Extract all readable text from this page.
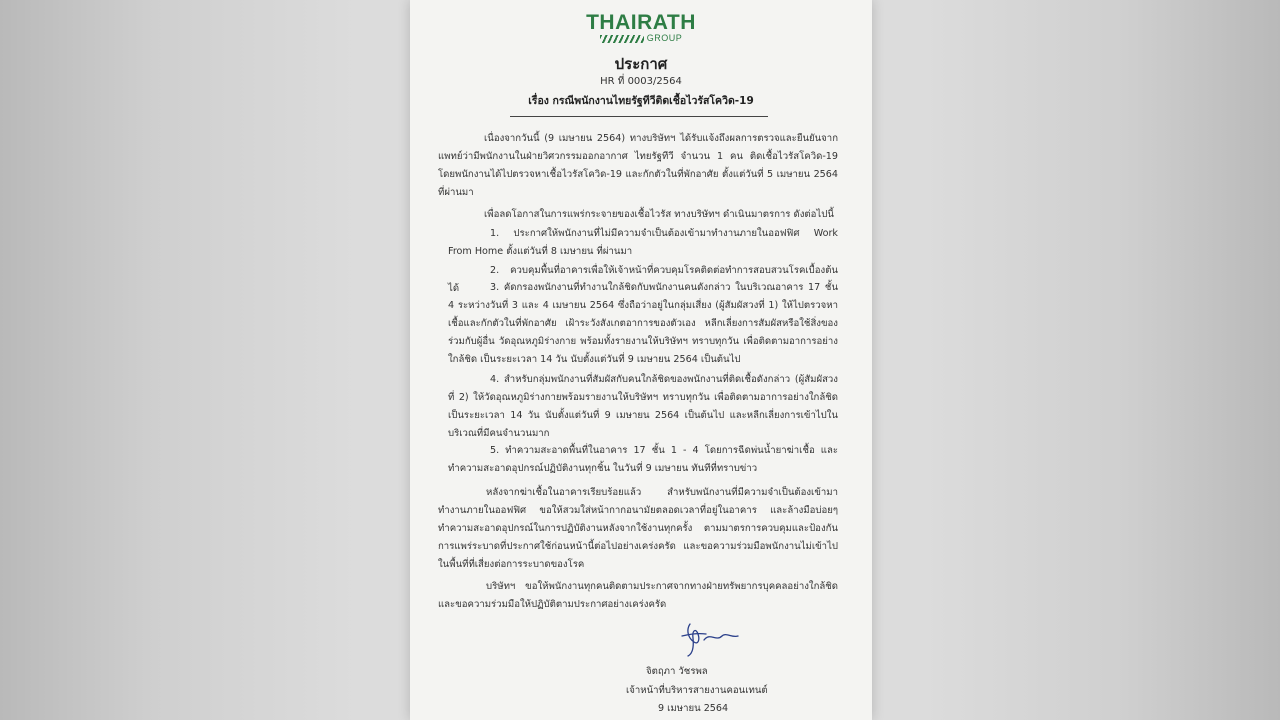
THAIRATH
GROUP
ประกาศ
HR ที่ 0003/2564
เรื่อง กรณีพนักงานไทยรัฐทีวีติดเชื้อไวรัสโควิด-19

เนื่องจากวันนี้ (9 เมษายน 2564) ทางบริษัทฯ ได้รับแจ้งถึงผลการตรวจและยืนยันจากแพทย์ว่ามีพนักงานในฝ่ายวิศวกรรมออกอากาศ ไทยรัฐทีวี จำนวน 1 คน ติดเชื้อไวรัสโควิด-19 โดยพนักงานได้ไปตรวจหาเชื้อไวรัสโควิด-19 และกักตัวในที่พักอาศัย ตั้งแต่วันที่ 5 เมษายน 2564 ที่ผ่านมา

เพื่อลดโอกาสในการแพร่กระจายของเชื้อไวรัส ทางบริษัทฯ ดำเนินมาตรการ ดังต่อไปนี้

1. ประกาศให้พนักงานที่ไม่มีความจำเป็นต้องเข้ามาทำงานภายในออฟฟิศ Work From Home ตั้งแต่วันที่ 8 เมษายน ที่ผ่านมา

2. ควบคุมพื้นที่อาคารเพื่อให้เจ้าหน้าที่ควบคุมโรคติดต่อทำการสอบสวนโรคเบื้องต้นได้	3. คัดกรองพนักงานที่ทำงานใกล้ชิดกับพนักงานคนดังกล่าว ในบริเวณอาคาร 17 ชั้น 4 ระหว่างวันที่ 3 และ 4 เมษายน 2564 ซึ่งถือว่าอยู่ในกลุ่มเสี่ยง (ผู้สัมผัสวงที่ 1) ให้ไปตรวจหาเชื้อและกักตัวในที่พักอาศัย เฝ้าระวังสังเกตอาการของตัวเอง หลีกเลี่ยงการสัมผัสหรือใช้สิ่งของร่วมกับผู้อื่น วัดอุณหภูมิร่างกาย พร้อมทั้งรายงานให้บริษัทฯ ทราบทุกวัน เพื่อติดตามอาการอย่างใกล้ชิด เป็นระยะเวลา 14 วัน นับตั้งแต่วันที่ 9 เมษายน 2564 เป็นต้นไป

4. สำหรับกลุ่มพนักงานที่สัมผัสกับคนใกล้ชิดของพนักงานที่ติดเชื้อดังกล่าว (ผู้สัมผัสวงที่ 2) ให้วัดอุณหภูมิร่างกายพร้อมรายงานให้บริษัทฯ ทราบทุกวัน เพื่อติดตามอาการอย่างใกล้ชิด เป็นระยะเวลา 14 วัน นับตั้งแต่วันที่ 9 เมษายน 2564 เป็นต้นไป และหลีกเลี่ยงการเข้าไปในบริเวณที่มีคนจำนวนมาก

5. ทำความสะอาดพื้นที่ในอาคาร 17 ชั้น 1 - 4 โดยการฉีดพ่นน้ำยาฆ่าเชื้อ และทำความสะอาดอุปกรณ์ปฏิบัติงานทุกชิ้น ในวันที่ 9 เมษายน ทันทีที่ทราบข่าว

หลังจากฆ่าเชื้อในอาคารเรียบร้อยแล้ว สำหรับพนักงานที่มีความจำเป็นต้องเข้ามาทำงานภายในออฟฟิศ ขอให้สวมใส่หน้ากากอนามัยตลอดเวลาที่อยู่ในอาคาร และล้างมือบ่อยๆ ทำความสะอาดอุปกรณ์ในการปฏิบัติงานหลังจากใช้งานทุกครั้ง ตามมาตรการควบคุมและป้องกันการแพร่ระบาดที่ประกาศใช้ก่อนหน้านี้ต่อไปอย่างเคร่งครัด และขอความร่วมมือพนักงานไม่เข้าไปในพื้นที่ที่เสี่ยงต่อการระบาดของโรค

บริษัทฯ ขอให้พนักงานทุกคนติดตามประกาศจากทางฝ่ายทรัพยากรบุคคลอย่างใกล้ชิด และขอความร่วมมือให้ปฏิบัติตามประกาศอย่างเคร่งครัด

จิตฤภา วัชรพล
เจ้าหน้าที่บริหารสายงานคอนเทนต์
9 เมษายน 2564
